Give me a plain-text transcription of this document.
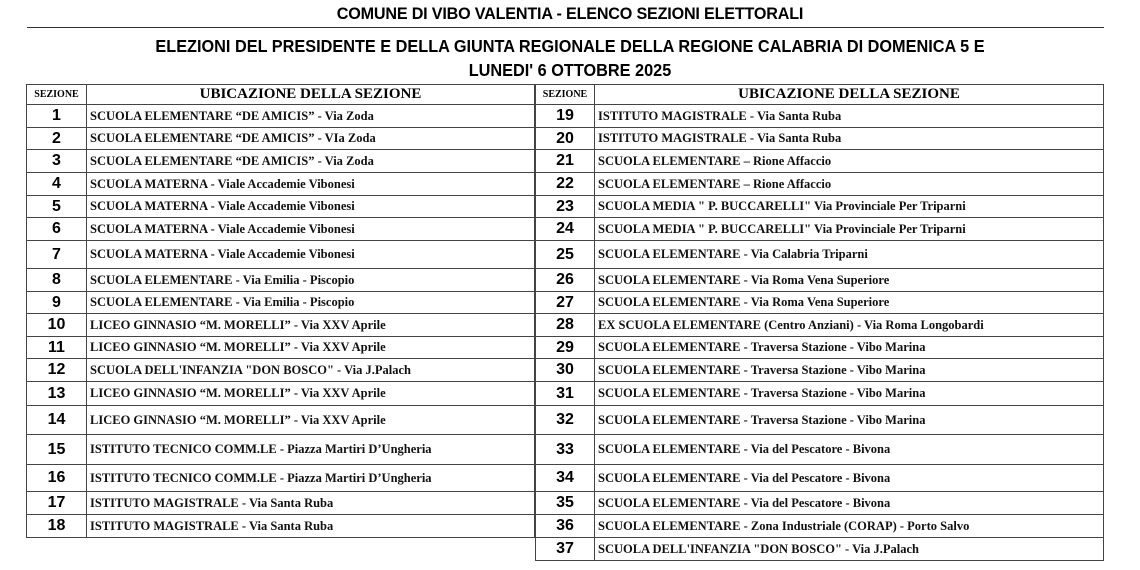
COMUNE DI VIBO VALENTIA - ELENCO SEZIONI ELETTORALI
ELEZIONI DEL PRESIDENTE E DELLA GIUNTA REGIONALE DELLA REGIONE CALABRIA DI DOMENICA 5 E
LUNEDI' 6 OTTOBRE 2025
SEZIONE	UBICAZIONE DELLA SEZIONE
1	SCUOLA ELEMENTARE “DE AMICIS” - Via Zoda
2	SCUOLA ELEMENTARE “DE AMICIS” - VIa Zoda
3	SCUOLA ELEMENTARE “DE AMICIS” - Via Zoda
4	SCUOLA MATERNA - Viale Accademie Vibonesi
5	SCUOLA MATERNA - Viale Accademie Vibonesi
6	SCUOLA MATERNA - Viale Accademie Vibonesi
7	SCUOLA MATERNA - Viale Accademie Vibonesi
8	SCUOLA ELEMENTARE - Via Emilia - Piscopio
9	SCUOLA ELEMENTARE - Via Emilia - Piscopio
10	LICEO GINNASIO “M. MORELLI” - Via XXV Aprile
11	LICEO GINNASIO “M. MORELLI” - Via XXV Aprile
12	SCUOLA DELL'INFANZIA "DON BOSCO" - Via J.Palach
13	LICEO GINNASIO “M. MORELLI” - Via XXV Aprile
14	LICEO GINNASIO “M. MORELLI” - Via XXV Aprile
15	ISTITUTO TECNICO COMM.LE - Piazza Martiri D’Ungheria
16	ISTITUTO TECNICO COMM.LE - Piazza Martiri D’Ungheria
17	ISTITUTO MAGISTRALE - Via Santa Ruba
18	ISTITUTO MAGISTRALE - Via Santa Ruba
SEZIONE	UBICAZIONE DELLA SEZIONE
19	ISTITUTO MAGISTRALE - Via Santa Ruba
20	ISTITUTO MAGISTRALE - Via Santa Ruba
21	SCUOLA ELEMENTARE – Rione Affaccio
22	SCUOLA ELEMENTARE – Rione Affaccio
23	SCUOLA MEDIA " P. BUCCARELLI" Via Provinciale Per Triparni
24	SCUOLA MEDIA " P. BUCCARELLI" Via Provinciale Per Triparni
25	SCUOLA ELEMENTARE - Via Calabria Triparni
26	SCUOLA ELEMENTARE - Via Roma Vena Superiore
27	SCUOLA ELEMENTARE - Via Roma Vena Superiore
28	EX SCUOLA ELEMENTARE (Centro Anziani) - Via Roma Longobardi
29	SCUOLA ELEMENTARE - Traversa Stazione - Vibo Marina
30	SCUOLA ELEMENTARE - Traversa Stazione - Vibo Marina
31	SCUOLA ELEMENTARE - Traversa Stazione - Vibo Marina
32	SCUOLA ELEMENTARE - Traversa Stazione - Vibo Marina
33	SCUOLA ELEMENTARE - Via del Pescatore - Bivona
34	SCUOLA ELEMENTARE - Via del Pescatore - Bivona
35	SCUOLA ELEMENTARE - Via del Pescatore - Bivona
36	SCUOLA ELEMENTARE - Zona Industriale (CORAP) - Porto Salvo
37	SCUOLA DELL'INFANZIA "DON BOSCO" - Via J.Palach
